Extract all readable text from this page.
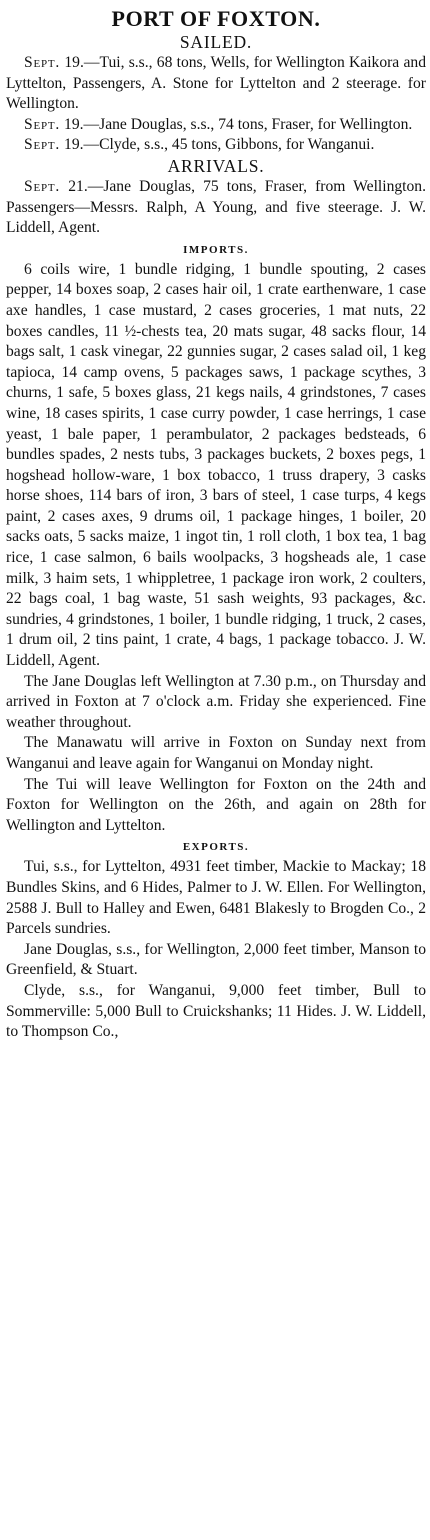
PORT OF FOXTON.
SAILED.

Sept. 19.—Tui, s.s., 68 tons, Wells, for Wellington Kaikora and Lyttelton, Passengers, A. Stone for Lyttelton and 2 steerage. for Wellington.

Sept. 19.—Jane Douglas, s.s., 74 tons, Fraser, for Wellington.

Sept. 19.—Clyde, s.s., 45 tons, Gibbons, for Wanganui.

ARRIVALS.

Sept. 21.—Jane Douglas, 75 tons, Fraser, from Wellington. Passengers—Messrs. Ralph, A Young, and five steerage. J. W. Liddell, Agent.

IMPORTS.

6 coils wire, 1 bundle ridging, 1 bundle spouting, 2 cases pepper, 14 boxes soap, 2 cases hair oil, 1 crate earthenware, 1 case axe handles, 1 case mustard, 2 cases groceries, 1 mat nuts, 22 boxes candles, 11 ½-chests tea, 20 mats sugar, 48 sacks flour, 14 bags salt, 1 cask vinegar, 22 gunnies sugar, 2 cases salad oil, 1 keg tapioca, 14 camp ovens, 5 packages saws, 1 package scythes, 3 churns, 1 safe, 5 boxes glass, 21 kegs nails, 4 grindstones, 7 cases wine, 18 cases spirits, 1 case curry powder, 1 case herrings, 1 case yeast, 1 bale paper, 1 perambulator, 2 packages bedsteads, 6 bundles spades, 2 nests tubs, 3 packages buckets, 2 boxes pegs, 1 hogshead hollow-ware, 1 box tobacco, 1 truss drapery, 3 casks horse shoes, 114 bars of iron, 3 bars of steel, 1 case turps, 4 kegs paint, 2 cases axes, 9 drums oil, 1 package hinges, 1 boiler, 20 sacks oats, 5 sacks maize, 1 ingot tin, 1 roll cloth, 1 box tea, 1 bag rice, 1 case salmon, 6 bails woolpacks, 3 hogsheads ale, 1 case milk, 3 haim sets, 1 whippletree, 1 package iron work, 2 coulters, 22 bags coal, 1 bag waste, 51 sash weights, 93 packages, &c. sundries, 4 grindstones, 1 boiler, 1 bundle ridging, 1 truck, 2 cases, 1 drum oil, 2 tins paint, 1 crate, 4 bags, 1 package tobacco. J. W. Liddell, Agent.

The Jane Douglas left Wellington at 7.30 p.m., on Thursday and arrived in Foxton at 7 o'clock a.m. Friday she experienced. Fine weather throughout.

The Manawatu will arrive in Foxton on Sunday next from Wanganui and leave again for Wanganui on Monday night.

The Tui will leave Wellington for Foxton on the 24th and Foxton for Wellington on the 26th, and again on 28th for Wellington and Lyttelton.

EXPORTS.

Tui, s.s., for Lyttelton, 4931 feet timber, Mackie to Mackay; 18 Bundles Skins, and 6 Hides, Palmer to J. W. Ellen. For Wellington, 2588 J. Bull to Halley and Ewen, 6481 Blakesly to Brogden Co., 2 Parcels sundries.

Jane Douglas, s.s., for Wellington, 2,000 feet timber, Manson to Greenfield, & Stuart.

Clyde, s.s., for Wanganui, 9,000 feet timber, Bull to Sommerville: 5,000 Bull to Cruickshanks; 11 Hides. J. W. Liddell, to Thompson Co.,
